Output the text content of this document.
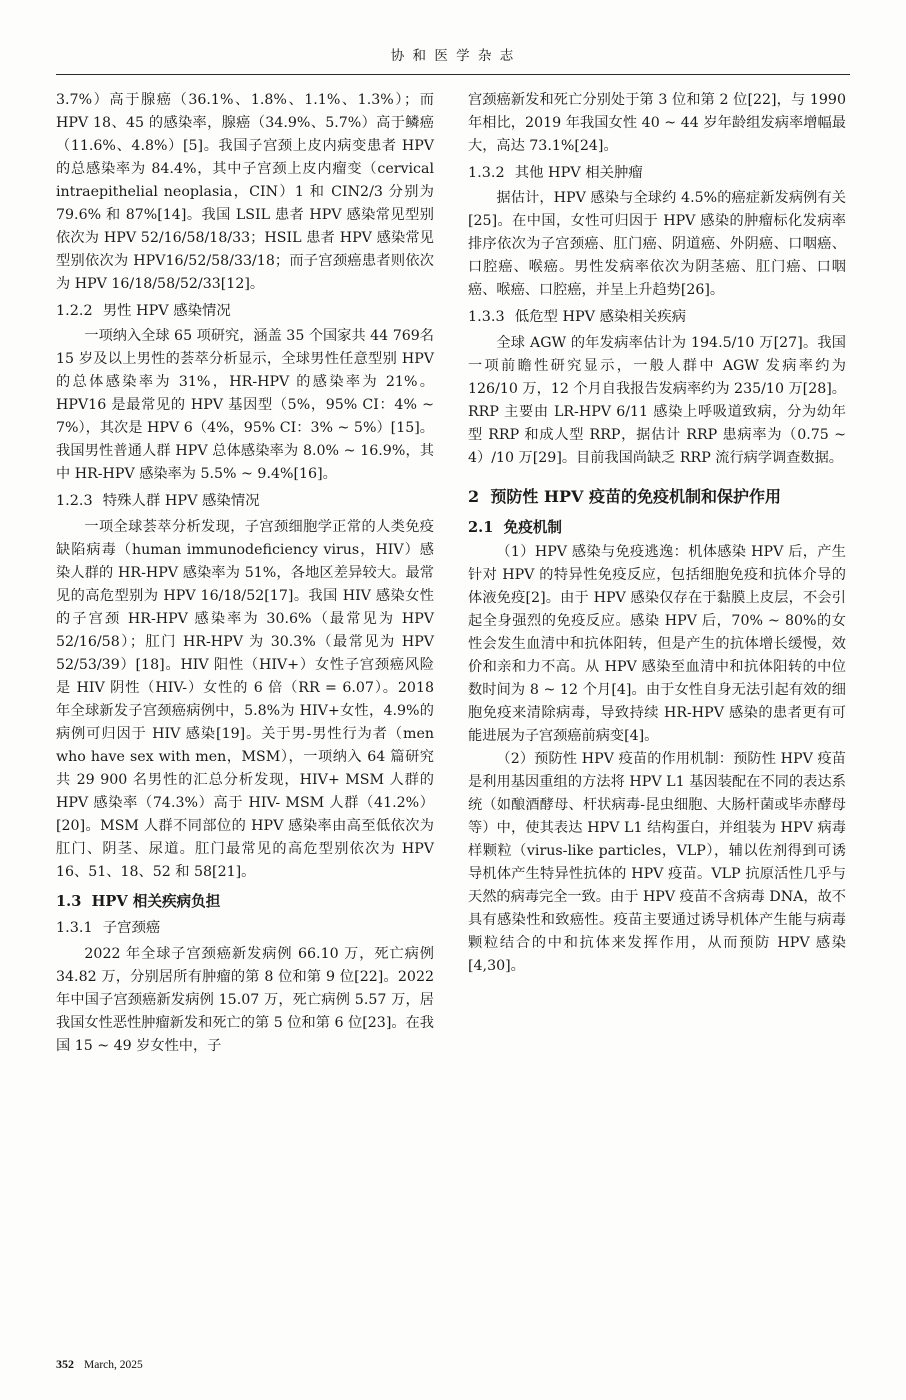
协 和 医 学 杂 志

3.7%）高于腺癌（36.1%、1.8%、1.1%、1.3%）；而 HPV 18、45 的感染率，腺癌（34.9%、5.7%）高于鳞癌（11.6%、4.8%）[5]。我国子宫颈上皮内病变患者 HPV 的总感染率为 84.4%，其中子宫颈上皮内瘤变（cervical intraepithelial neoplasia，CIN）1 和 CIN2/3 分别为 79.6% 和 87%[14]。我国 LSIL 患者 HPV 感染常见型别依次为 HPV 52/16/58/18/33；HSIL 患者 HPV 感染常见型别依次为 HPV16/52/58/33/18；而子宫颈癌患者则依次为 HPV 16/18/58/52/33[12]。

1.2.2 男性 HPV 感染情况

一项纳入全球 65 项研究，涵盖 35 个国家共 44 769名 15 岁及以上男性的荟萃分析显示，全球男性任意型别 HPV 的总体感染率为 31%，HR-HPV 的感染率为 21%。HPV16 是最常见的 HPV 基因型（5%，95% CI：4% ~ 7%），其次是 HPV 6（4%，95% CI：3% ~ 5%）[15]。我国男性普通人群 HPV 总体感染率为 8.0% ~ 16.9%，其中 HR-HPV 感染率为 5.5% ~ 9.4%[16]。

1.2.3 特殊人群 HPV 感染情况

一项全球荟萃分析发现，子宫颈细胞学正常的人类免疫缺陷病毒（human immunodeficiency virus，HIV）感染人群的 HR-HPV 感染率为 51%，各地区差异较大。最常见的高危型别为 HPV 16/18/52[17]。我国 HIV 感染女性的子宫颈 HR-HPV 感染率为 30.6%（最常见为 HPV 52/16/58）；肛门 HR-HPV 为 30.3%（最常见为 HPV 52/53/39）[18]。HIV 阳性（HIV+）女性子宫颈癌风险是 HIV 阴性（HIV-）女性的 6 倍（RR = 6.07）。2018 年全球新发子宫颈癌病例中，5.8%为 HIV+女性，4.9%的病例可归因于 HIV 感染[19]。关于男-男性行为者（men who have sex with men，MSM），一项纳入 64 篇研究共 29 900 名男性的汇总分析发现，HIV+ MSM 人群的 HPV 感染率（74.3%）高于 HIV- MSM 人群（41.2%）[20]。MSM 人群不同部位的 HPV 感染率由高至低依次为肛门、阴茎、尿道。肛门最常见的高危型别依次为 HPV 16、51、18、52 和 58[21]。

1.3 HPV 相关疾病负担
1.3.1 子宫颈癌

2022 年全球子宫颈癌新发病例 66.10 万，死亡病例 34.82 万，分别居所有肿瘤的第 8 位和第 9 位[22]。2022 年中国子宫颈癌新发病例 15.07 万，死亡病例 5.57 万，居我国女性恶性肿瘤新发和死亡的第 5 位和第 6 位[23]。在我国 15 ~ 49 岁女性中，子

宫颈癌新发和死亡分别处于第 3 位和第 2 位[22]，与 1990 年相比，2019 年我国女性 40 ~ 44 岁年龄组发病率增幅最大，高达 73.1%[24]。

1.3.2 其他 HPV 相关肿瘤

据估计，HPV 感染与全球约 4.5%的癌症新发病例有关[25]。在中国，女性可归因于 HPV 感染的肿瘤标化发病率排序依次为子宫颈癌、肛门癌、阴道癌、外阴癌、口咽癌、口腔癌、喉癌。男性发病率依次为阴茎癌、肛门癌、口咽癌、喉癌、口腔癌，并呈上升趋势[26]。

1.3.3 低危型 HPV 感染相关疾病

全球 AGW 的年发病率估计为 194.5/10 万[27]。我国一项前瞻性研究显示，一般人群中 AGW 发病率约为 126/10 万，12 个月自我报告发病率约为 235/10 万[28]。RRP 主要由 LR-HPV 6/11 感染上呼吸道致病，分为幼年型 RRP 和成人型 RRP，据估计 RRP 患病率为（0.75 ~ 4）/10 万[29]。目前我国尚缺乏 RRP 流行病学调查数据。

2 预防性 HPV 疫苗的免疫机制和保护作用
2.1 免疫机制

（1）HPV 感染与免疫逃逸：机体感染 HPV 后，产生针对 HPV 的特异性免疫反应，包括细胞免疫和抗体介导的 体液免疫[2]。由于 HPV 感染仅存在于黏膜上皮层，不会引起全身强烈的免疫反应。感染 HPV 后，70% ~ 80%的女性会发生血清中和抗体阳转，但是产生的抗体增长缓慢，效价和亲和力不高。从 HPV 感染至血清中和抗体阳转的中位数时间为 8 ~ 12 个月[4]。由于女性自身无法引起有效的细胞免疫来清除病毒，导致持续 HR-HPV 感染的患者更有可能进展为子宫颈癌前病变[4]。

（2）预防性 HPV 疫苗的作用机制：预防性 HPV 疫苗是利用基因重组的方法将 HPV L1 基因装配在不同的表达系统（如酿酒酵母、杆状病毒-昆虫细胞、大肠杆菌或毕赤酵母等）中，使其表达 HPV L1 结构蛋白，并组装为 HPV 病毒样颗粒（virus-like particles，VLP），辅以佐剂得到可诱导机体产生特异性抗体的 HPV 疫苗。VLP 抗原活性几乎与天然的病毒完全一致。由于 HPV 疫苗不含病毒 DNA，故不具有感染性和致癌性。疫苗主要通过诱导机体产生能与病毒颗粒结合的中和抗体来发挥作用，从而预防 HPV 感染[4,30]。

352 March, 2025
